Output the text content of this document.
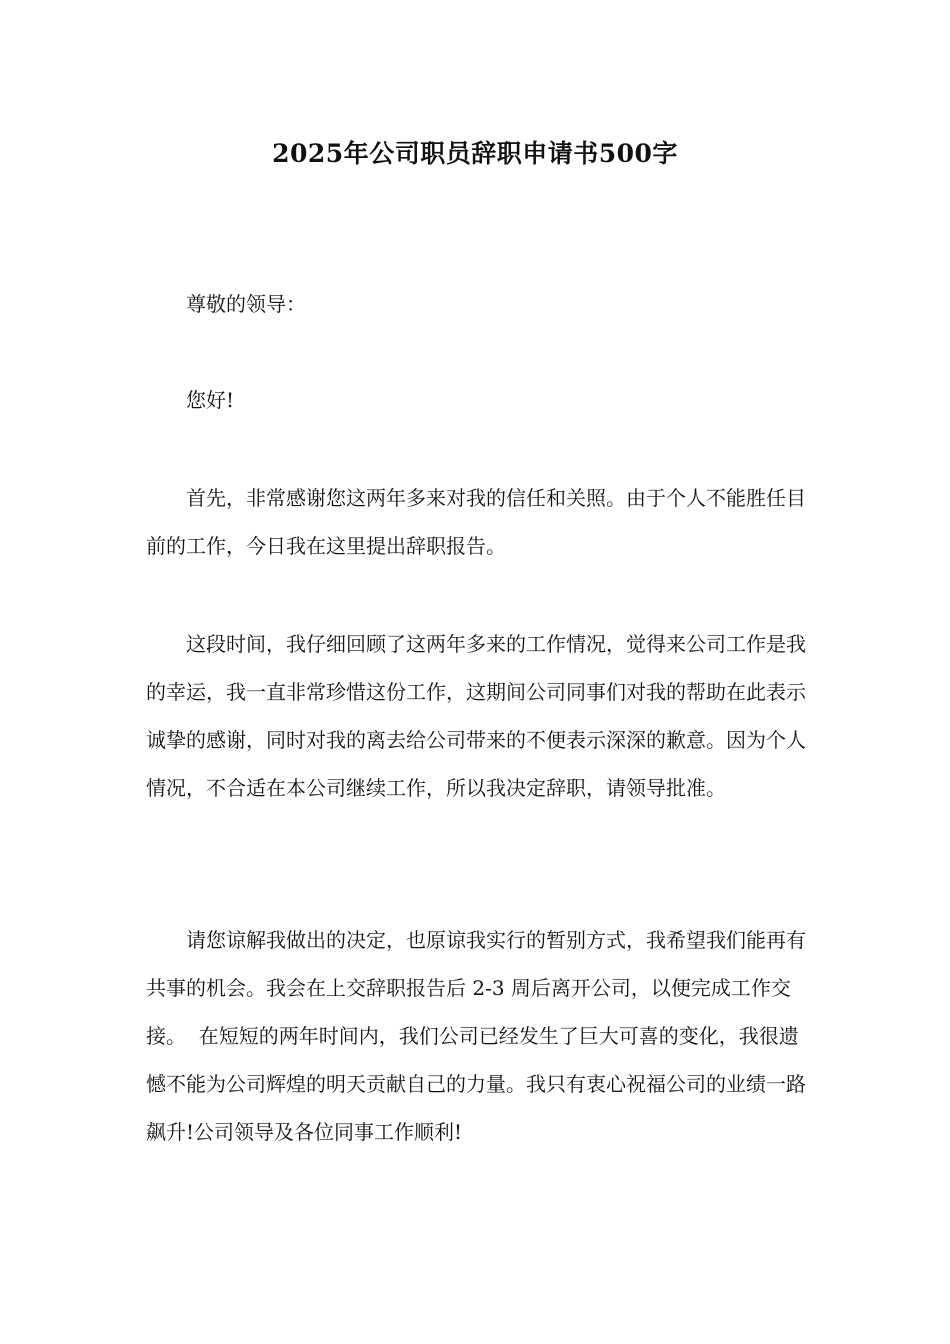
2025年公司职员辞职申请书500字

尊敬的领导：

您好!

首先，非常感谢您这两年多来对我的信任和关照。由于个人不能胜任目前的工作，今日我在这里提出辞职报告。

这段时间，我仔细回顾了这两年多来的工作情况，觉得来公司工作是我的幸运，我一直非常珍惜这份工作，这期间公司同事们对我的帮助在此表示诚挚的感谢，同时对我的离去给公司带来的不便表示深深的歉意。因为个人情况，不合适在本公司继续工作，所以我决定辞职，请领导批准。

请您谅解我做出的决定，也原谅我实行的暂别方式，我希望我们能再有共事的机会。我会在上交辞职报告后 2-3 周后离开公司，以便完成工作交接。  在短短的两年时间内，我们公司已经发生了巨大可喜的变化，我很遗憾不能为公司辉煌的明天贡献自己的力量。我只有衷心祝福公司的业绩一路飙升!公司领导及各位同事工作顺利!
